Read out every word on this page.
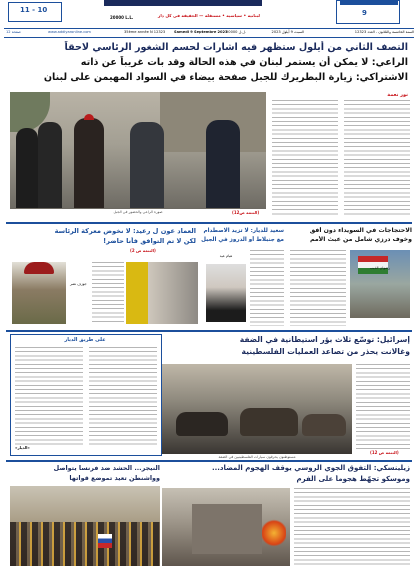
11 - 10
20000 L.L.	لبنانية • سياسية • مستقلة — الحقيقة في كل دار	9
12 صفحة	www.addiyaronline.com	35ème année N 12323 Samedi 9 Septembre 2023
20000 ل.ل.	السبت 9 أيلول 2023	السنة الخامسة والثلاثون - العدد 12323
التصف الثاني من أيلول ستظهر فيه اشارات لحسم الشغور الرئاسي لاحقاً
الراعي: لا يمكن أن يستمر لبنان في هذه الحالة وقد بات غريباً عن ذاته
الاشتراكي: زيارة البطريرك للجبل صفحة بيضاء في السواد المهيمن على لبنان
صورة الراعي والحضور في الجبل	(التتمة ص12)
نور نعمة
الاحتجاجات في السويداء دون أفق
وخوف درزي شامل من عبث الأمم
رضوان الذيب
سعيد للديار: لا تزيد الاصطدام
مع جنبلاط أو الدروز في الجبل
هيام عيد
العماد عون ل رعيد: لا نخوض معركة الرئاسة
لكن لا تم التوافق فأنا حاضر!
جوزف نصر
(التتمة ص 2)
على طريق الديار
«الديار»
إسرائيل: توسّع ثلاث بؤر استيطانية في الضفة
وغالانت يحذر من تصاعد العمليات الفلسطينية
مستوطنون يحرقون سيارات الفلسطينيين في الضفة
(التتمة ص 12)
النيجر... الحشد ضد فرنسا يتواصل
وواشنطن تعيد تموضع قواتها
زيلينسكي: التفوق الجوي الروسي يوقف الهجوم المضاد...
وموسكو تجهّط هجوماً على الفرم
